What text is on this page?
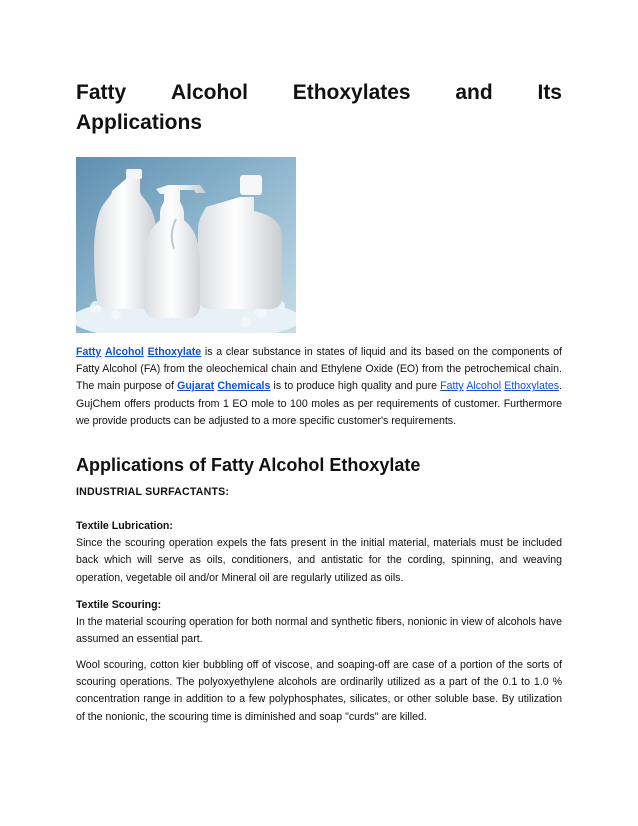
Fatty Alcohol Ethoxylates and Its
Applications

Fatty Alcohol Ethoxylate is a clear substance in states of liquid and its based on the components of Fatty Alcohol (FA) from the oleochemical chain and Ethylene Oxide (EO) from the petrochemical chain. The main purpose of Gujarat Chemicals is to produce high quality and pure Fatty Alcohol Ethoxylates. GujChem offers products from 1 EO mole to 100 moles as per requirements of customer. Furthermore we provide products can be adjusted to a more specific customer's requirements.

Applications of Fatty Alcohol Ethoxylate

INDUSTRIAL SURFACTANTS:

Textile Lubrication:
Since the scouring operation expels the fats present in the initial material, materials must be included back which will serve as oils, conditioners, and antistatic for the cording, spinning, and weaving operation, vegetable oil and/or Mineral oil are regularly utilized as oils.

Textile Scouring:
In the material scouring operation for both normal and synthetic fibers, nonionic in view of alcohols have assumed an essential part.

Wool scouring, cotton kier bubbling off of viscose, and soaping-off are case of a portion of the sorts of scouring operations. The polyoxyethylene alcohols are ordinarily utilized as a part of the 0.1 to 1.0 % concentration range in addition to a few polyphosphates, silicates, or other soluble base. By utilization of the nonionic, the scouring time is diminished and soap "curds" are killed.
